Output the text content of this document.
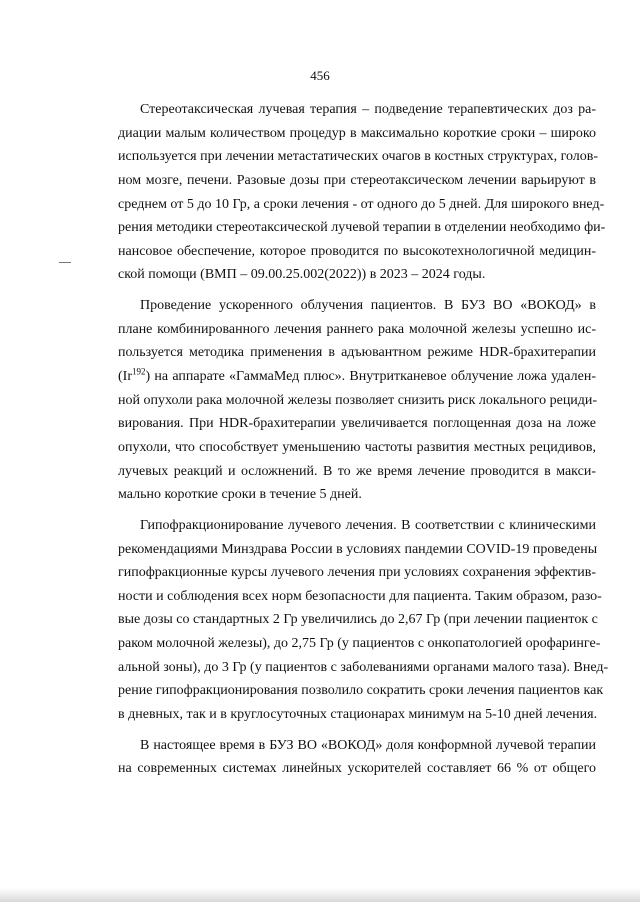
456
Стереотаксическая лучевая терапия – подведение терапевтических доз ра-
диации малым количеством процедур в максимально короткие сроки – широко
используется при лечении метастатических очагов в костных структурах, голов-
ном мозге, печени. Разовые дозы при стереотаксическом лечении варьируют в
среднем от 5 до 10 Гр, а сроки лечения - от одного до 5 дней. Для широкого внед-
рения методики стереотаксической лучевой терапии в отделении необходимо фи-
нансовое обеспечение, которое проводится по высокотехнологичной медицин-
ской помощи (ВМП – 09.00.25.002(2022)) в 2023 – 2024 годы.
Проведение ускоренного облучения пациентов. В БУЗ ВО «ВОКОД» в
плане комбинированного лечения раннего рака молочной железы успешно ис-
пользуется методика применения в адъювантном режиме HDR-брахитерапии
(Ir$^{192}$) на аппарате «ГаммаМед плюс». Внутритканевое облучение ложа удален-
ной опухоли рака молочной железы позволяет снизить риск локального рециди-
вирования. При HDR-брахитерапии увеличивается поглощенная доза на ложе
опухоли, что способствует уменьшению частоты развития местных рецидивов,
лучевых реакций и осложнений. В то же время лечение проводится в макси-
мально короткие сроки в течение 5 дней.
Гипофракционирование лучевого лечения. В соответствии с клиническими
рекомендациями Минздрава России в условиях пандемии COVID-19 проведены
гипофракционные курсы лучевого лечения при условиях сохранения эффектив-
ности и соблюдения всех норм безопасности для пациента. Таким образом, разо-
вые дозы со стандартных 2 Гр увеличились до 2,67 Гр (при лечении пациенток с
раком молочной железы), до 2,75 Гр (у пациентов с онкопатологией орофаринге-
альной зоны), до 3 Гр (у пациентов с заболеваниями органами малого таза). Внед-
рение гипофракционирования позволило сократить сроки лечения пациентов как
в дневных, так и в круглосуточных стационарах минимум на 5-10 дней лечения.
В настоящее время в БУЗ ВО «ВОКОД» доля конформной лучевой терапии
на современных системах линейных ускорителей составляет 66 % от общего
